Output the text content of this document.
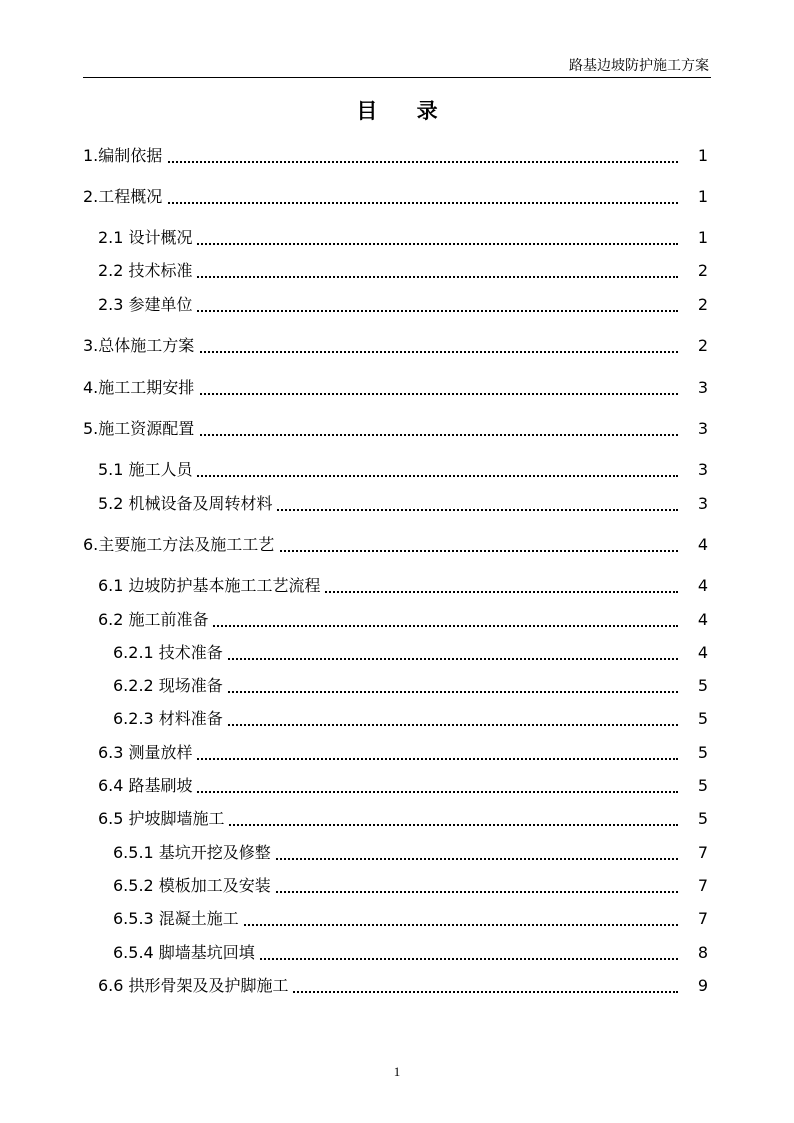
路基边坡防护施工方案
目 录
1.编制依据	1
2.工程概况	1
2.1 设计概况	1
2.2 技术标准	2
2.3 参建单位	2
3.总体施工方案	2
4.施工工期安排	3
5.施工资源配置	3
5.1 施工人员	3
5.2 机械设备及周转材料	3
6.主要施工方法及施工工艺	4
6.1 边坡防护基本施工工艺流程	4
6.2 施工前准备	4
6.2.1 技术准备	4
6.2.2 现场准备	5
6.2.3 材料准备	5
6.3 测量放样	5
6.4 路基刷坡	5
6.5 护坡脚墙施工	5
6.5.1 基坑开挖及修整	7
6.5.2 模板加工及安装	7
6.5.3 混凝土施工	7
6.5.4 脚墙基坑回填	8
6.6 拱形骨架及及护脚施工	9
1
